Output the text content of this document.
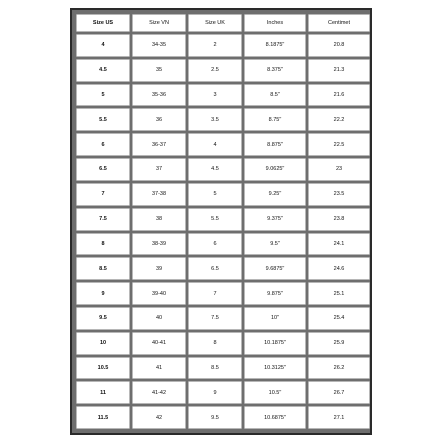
Size US	Size VN	Size UK	Inches	Centimet
4	34-35	2	8.1875"	20.8
4.5	35	2.5	8.375"	21.3
5	35-36	3	8.5"	21.6
5.5	36	3.5	8.75"	22.2
6	36-37	4	8.875"	22.5
6.5	37	4.5	9.0625"	23
7	37-38	5	9.25"	23.5
7.5	38	5.5	9.375"	23.8
8	38-39	6	9.5"	24.1
8.5	39	6.5	9.6875"	24.6
9	39-40	7	9.875"	25.1
9.5	40	7.5	10"	25.4
10	40-41	8	10.1875"	25.9
10.5	41	8.5	10.3125"	26.2
11	41-42	9	10.5"	26.7
11.5	42	9.5	10.6875"	27.1
